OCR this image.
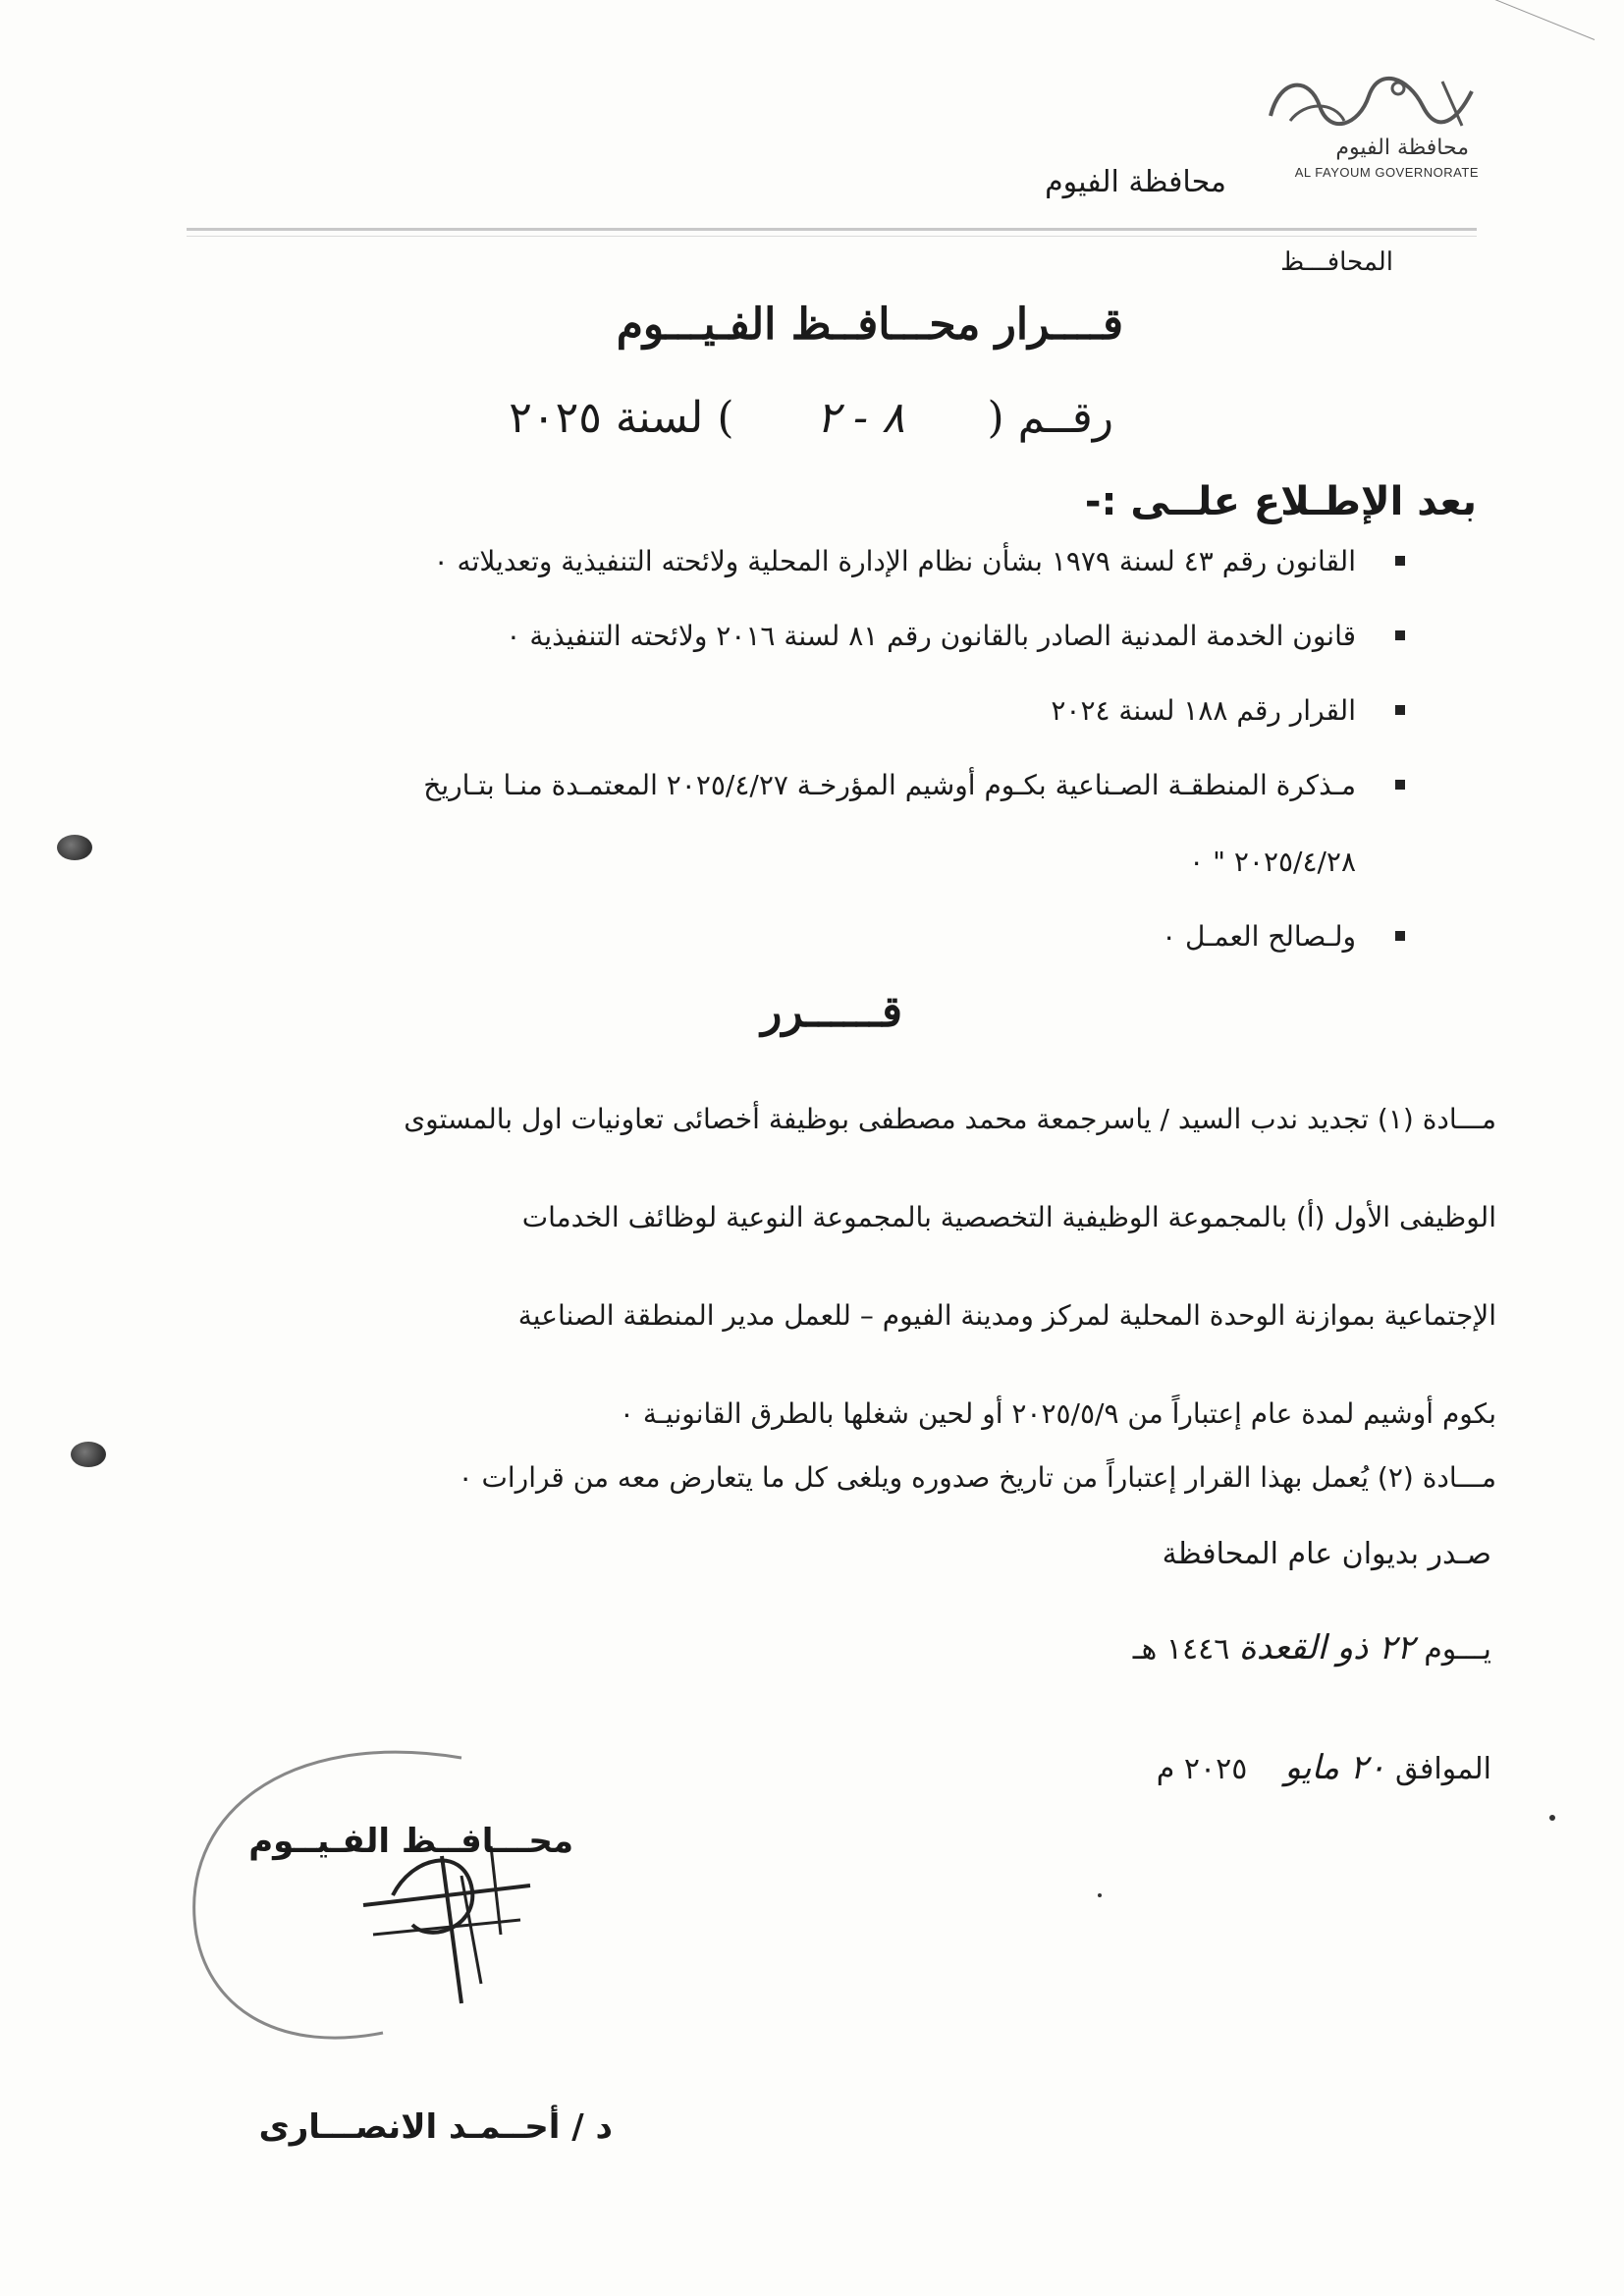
محافظة الفيوم
AL FAYOUM GOVERNORATE
محافظة الفيوم
المحافـــظ
قــــرار محـــافــظ الفـيـــوم
رقــم ( ٨ - ٢ ) لسنة ٢٠٢٥
بعد الإطـلاع علــى :-
القانون رقم ٤٣ لسنة ١٩٧٩ بشأن نظام الإدارة المحلية ولائحته التنفيذية وتعديلاته ٠
قانون الخدمة المدنية الصادر بالقانون رقم ٨١ لسنة ٢٠١٦ ولائحته التنفيذية ٠
القرار رقم ١٨٨ لسنة ٢٠٢٤
مـذكرة المنطقـة الصـناعية بكـوم أوشيم المؤرخـة ٢٠٢٥/٤/٢٧ المعتمـدة منـا بتـاريخ
٢٠٢٥/٤/٢٨ " ٠
ولـصالح العمـل ٠
قــــــرر
مـــادة (١) تجديد ندب السيد / ياسرجمعة محمد مصطفى بوظيفة أخصائى تعاونيات اول بالمستوى
الوظيفى الأول (أ) بالمجموعة الوظيفية التخصصية بالمجموعة النوعية لوظائف الخدمات
الإجتماعية بموازنة الوحدة المحلية لمركز ومدينة الفيوم – للعمل مدير المنطقة الصناعية
بكوم أوشيم لمدة عام إعتباراً من ٢٠٢٥/٥/٩ أو لحين شغلها بالطرق القانونيـة ٠
مـــادة (٢) يُعمل بهذا القرار إعتباراً من تاريخ صدوره ويلغى كل ما يتعارض معه من قرارات ٠
صـدر بديوان عام المحافظة
يـــوم ٢٢ ذو القعدة ١٤٤٦ هـ
الموافق ٢٠ مايو    ٢٠٢٥ م
محـــافــظ الفـيــوم
د / أحــمـد الانصـــارى
